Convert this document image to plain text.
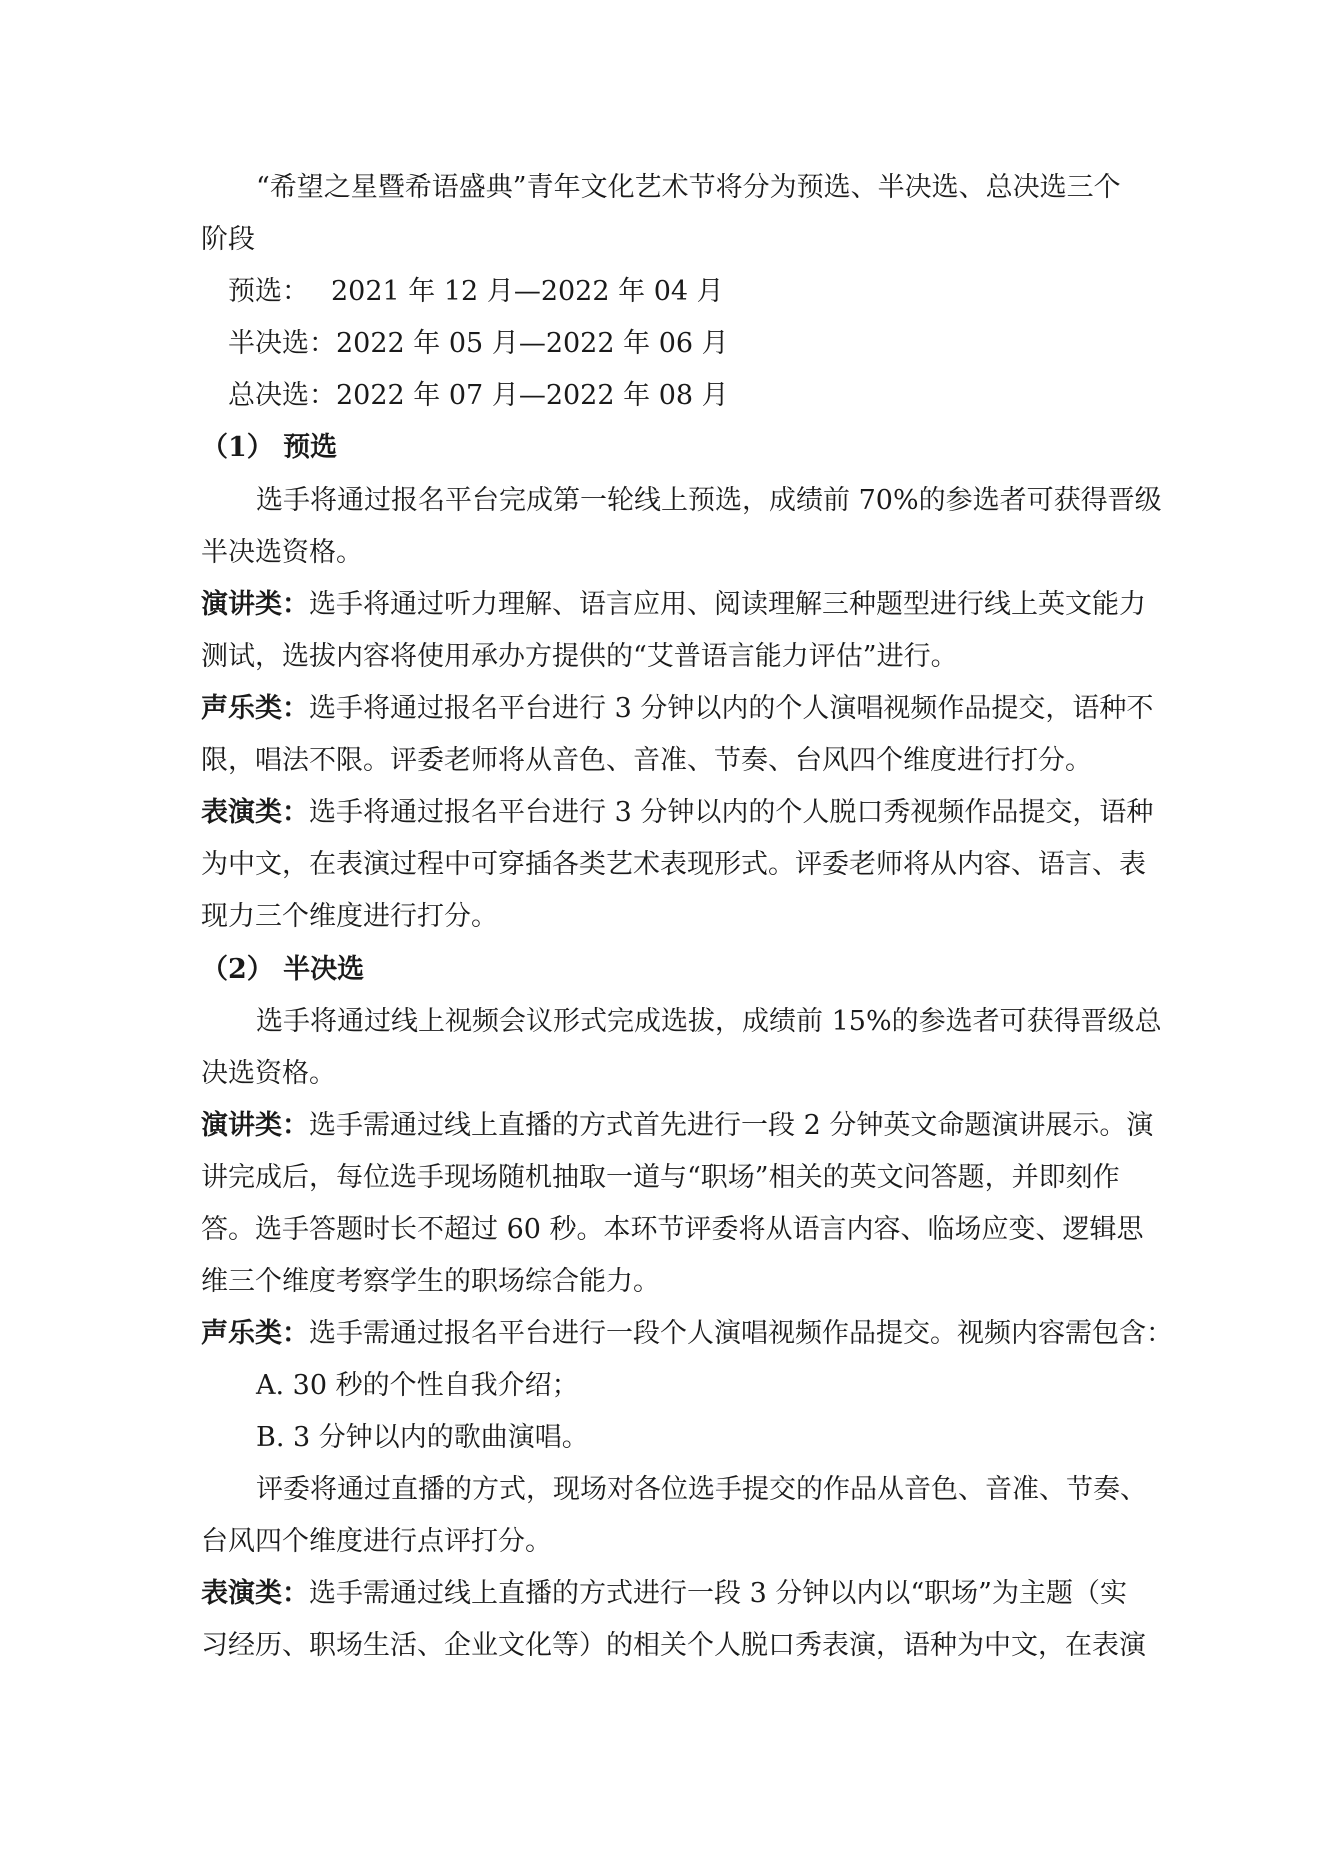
“希望之星暨希语盛典”青年文化艺术节将分为预选、半决选、总决选三个
阶段
预选： 2021 年 12 月—2022 年 04 月
半决选：2022 年 05 月—2022 年 06 月
总决选：2022 年 07 月—2022 年 08 月
（1） 预选
选手将通过报名平台完成第一轮线上预选，成绩前 70%的参选者可获得晋级
半决选资格。
演讲类： 选手将通过听力理解、语言应用、阅读理解三种题型进行线上英文能力
测试，选拔内容将使用承办方提供的“艾普语言能力评估”进行。
声乐类： 选手将通过报名平台进行 3 分钟以内的个人演唱视频作品提交，语种不
限，唱法不限。评委老师将从音色、音准、节奏、台风四个维度进行打分。
表演类： 选手将通过报名平台进行 3 分钟以内的个人脱口秀视频作品提交，语种
为中文，在表演过程中可穿插各类艺术表现形式。评委老师将从内容、语言、表
现力三个维度进行打分。
（2） 半决选
选手将通过线上视频会议形式完成选拔，成绩前 15%的参选者可获得晋级总
决选资格。
演讲类： 选手需通过线上直播的方式首先进行一段 2 分钟英文命题演讲展示。演
讲完成后，每位选手现场随机抽取一道与“职场”相关的英文问答题，并即刻作
答。选手答题时长不超过 60 秒。本环节评委将从语言内容、临场应变、逻辑思
维三个维度考察学生的职场综合能力。
声乐类： 选手需通过报名平台进行一段个人演唱视频作品提交。视频内容需包含：
A. 30 秒的个性自我介绍；
B. 3 分钟以内的歌曲演唱。
评委将通过直播的方式，现场对各位选手提交的作品从音色、音准、节奏、
台风四个维度进行点评打分。
表演类： 选手需通过线上直播的方式进行一段 3 分钟以内以“职场”为主题（实
习经历、职场生活、企业文化等）的相关个人脱口秀表演，语种为中文，在表演
